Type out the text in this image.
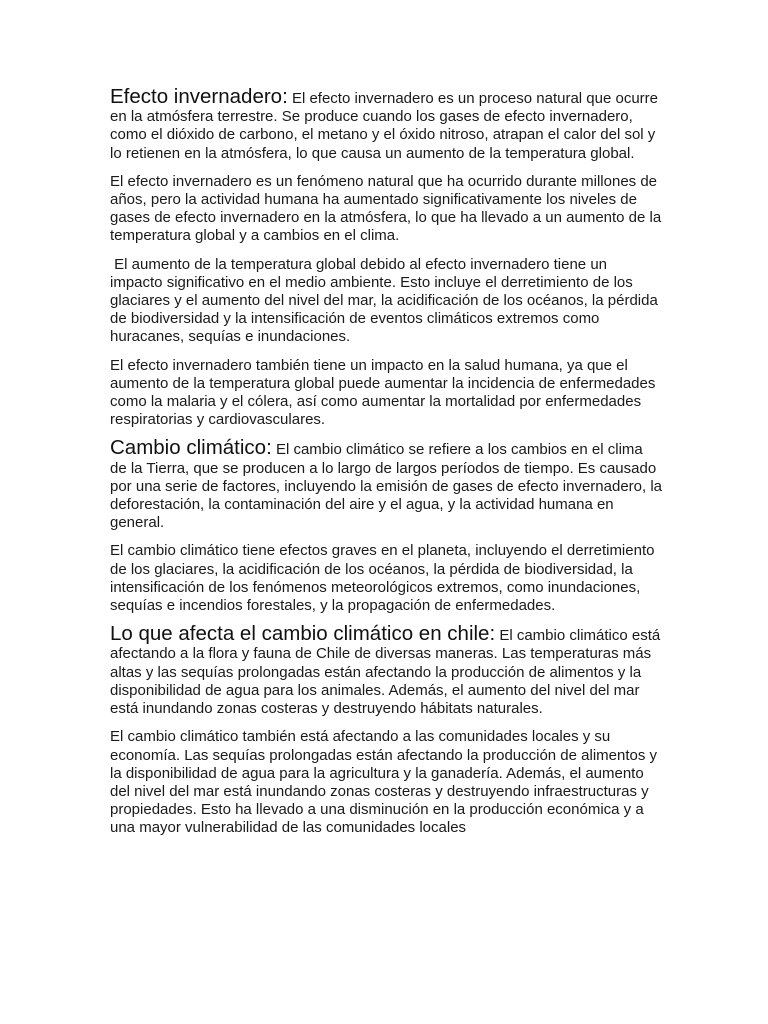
Efecto invernadero: El efecto invernadero es un proceso natural que ocurre en la atmósfera terrestre. Se produce cuando los gases de efecto invernadero, como el dióxido de carbono, el metano y el óxido nitroso, atrapan el calor del sol y lo retienen en la atmósfera, lo que causa un aumento de la temperatura global.

El efecto invernadero es un fenómeno natural que ha ocurrido durante millones de años, pero la actividad humana ha aumentado significativamente los niveles de gases de efecto invernadero en la atmósfera, lo que ha llevado a un aumento de la temperatura global y a cambios en el clima.

El aumento de la temperatura global debido al efecto invernadero tiene un impacto significativo en el medio ambiente. Esto incluye el derretimiento de los glaciares y el aumento del nivel del mar, la acidificación de los océanos, la pérdida de biodiversidad y la intensificación de eventos climáticos extremos como huracanes, sequías e inundaciones.

El efecto invernadero también tiene un impacto en la salud humana, ya que el aumento de la temperatura global puede aumentar la incidencia de enfermedades como la malaria y el cólera, así como aumentar la mortalidad por enfermedades respiratorias y cardiovasculares.

Cambio climático: El cambio climático se refiere a los cambios en el clima de la Tierra, que se producen a lo largo de largos períodos de tiempo. Es causado por una serie de factores, incluyendo la emisión de gases de efecto invernadero, la deforestación, la contaminación del aire y el agua, y la actividad humana en general.

El cambio climático tiene efectos graves en el planeta, incluyendo el derretimiento de los glaciares, la acidificación de los océanos, la pérdida de biodiversidad, la intensificación de los fenómenos meteorológicos extremos, como inundaciones, sequías e incendios forestales, y la propagación de enfermedades.

Lo que afecta el cambio climático en chile: El cambio climático está afectando a la flora y fauna de Chile de diversas maneras. Las temperaturas más altas y las sequías prolongadas están afectando la producción de alimentos y la disponibilidad de agua para los animales. Además, el aumento del nivel del mar está inundando zonas costeras y destruyendo hábitats naturales.

El cambio climático también está afectando a las comunidades locales y su economía. Las sequías prolongadas están afectando la producción de alimentos y la disponibilidad de agua para la agricultura y la ganadería. Además, el aumento del nivel del mar está inundando zonas costeras y destruyendo infraestructuras y propiedades. Esto ha llevado a una disminución en la producción económica y a una mayor vulnerabilidad de las comunidades locales
